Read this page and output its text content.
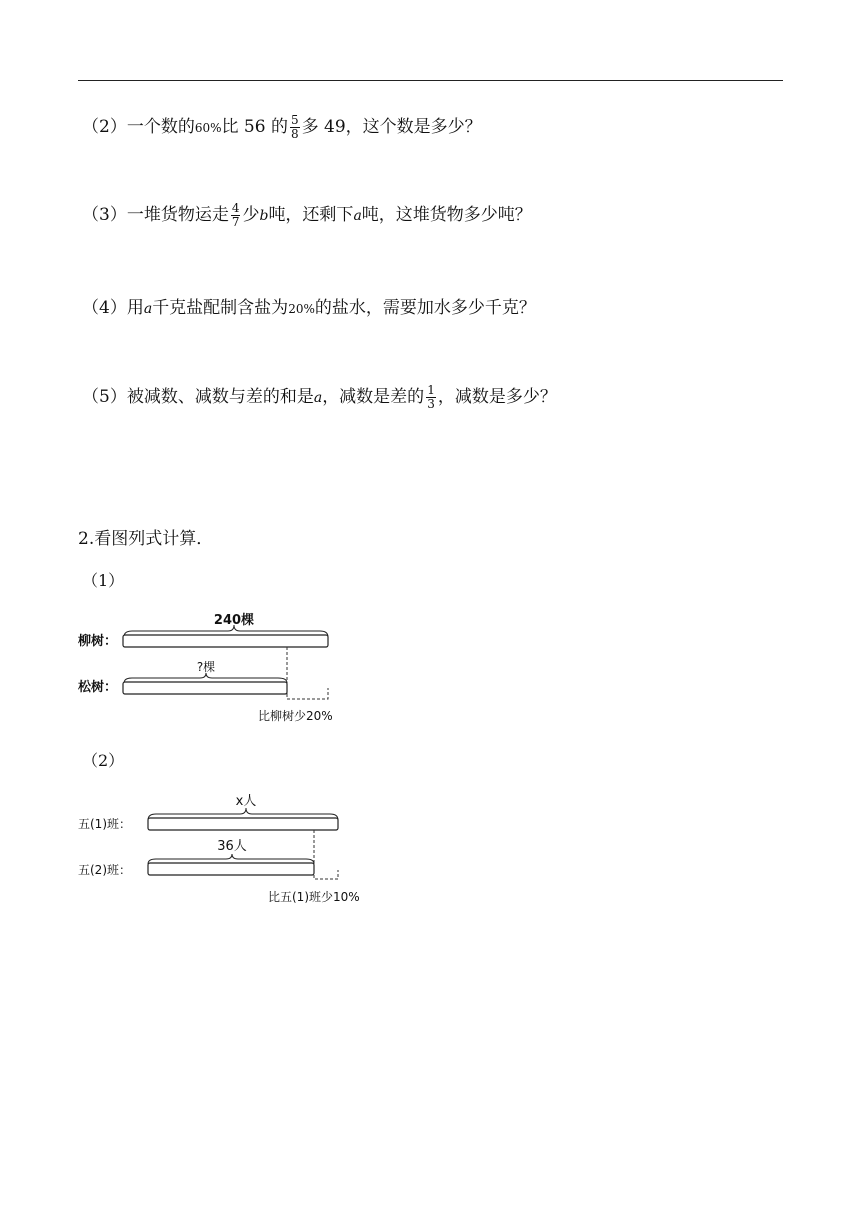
（2）一个数的60%比 56 的 $\frac{5}{8}$ 多 49，这个数是多少？
（3）一堆货物运走 $\frac{4}{7}$ 少b吨，还剩下a吨，这堆货物多少吨？
（4）用a千克盐配制含盐为20%的盐水，需要加水多少千克？
（5）被减数、减数与差的和是a，减数是差的 $\frac{1}{3}$ ，减数是多少？
2.看图列式计算．
（1）
240棵
柳树：
?棵
松树：
比柳树少20%
（2）
x人
五(1)班：
36人
五(2)班：
比五(1)班少10%
